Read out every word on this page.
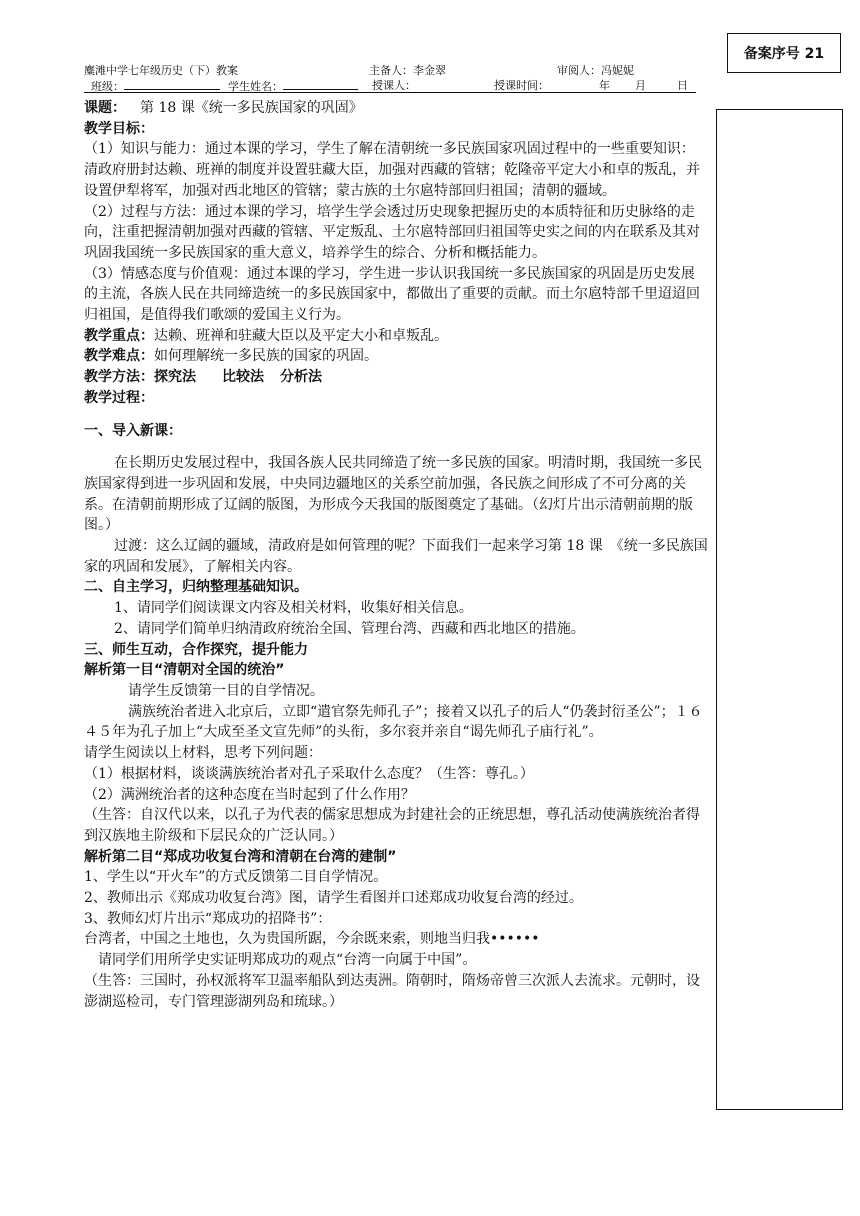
麋滩中学七年级历史（下）教案	主备人：李金翠	审阅人：冯妮妮
班级：	学生姓名：	授课人：	授课时间：	年 月	日
备案序号 21

课题： 第 18 课《统一多民族国家的巩固》

教学目标：

（1）知识与能力：通过本课的学习，学生了解在清朝统一多民族国家巩固过程中的一些重要知识：清政府册封达赖、班禅的制度并设置驻藏大臣，加强对西藏的管辖；乾隆帝平定大小和卓的叛乱，并设置伊犁将军，加强对西北地区的管辖；蒙古族的土尔扈特部回归祖国；清朝的疆域。

（2）过程与方法：通过本课的学习，培学生学会透过历史现象把握历史的本质特征和历史脉络的走向，注重把握清朝加强对西藏的管辖、平定叛乱、土尔扈特部回归祖国等史实之间的内在联系及其对巩固我国统一多民族国家的重大意义，培养学生的综合、分析和概括能力。

（3）情感态度与价值观：通过本课的学习，学生进一步认识我国统一多民族国家的巩固是历史发展的主流，各族人民在共同缔造统一的多民族国家中，都做出了重要的贡献。而土尔扈特部千里迢迢回归祖国，是值得我们歌颂的爱国主义行为。

教学重点：达赖、班禅和驻藏大臣以及平定大小和卓叛乱。

教学难点：如何理解统一多民族的国家的巩固。

教学方法：探究法 比较法 分析法

教学过程：

一、导入新课：

在长期历史发展过程中，我国各族人民共同缔造了统一多民族的国家。明清时期，我国统一多民族国家得到进一步巩固和发展，中央同边疆地区的关系空前加强，各民族之间形成了不可分离的关系。在清朝前期形成了辽阔的版图，为形成今天我国的版图奠定了基础。（幻灯片出示清朝前期的版图。）

过渡：这么辽阔的疆域，清政府是如何管理的呢？下面我们一起来学习第 18 课　《统一多民族国家的巩固和发展》，了解相关内容。

二、自主学习，归纳整理基础知识。

1、请同学们阅读课文内容及相关材料，收集好相关信息。

2、请同学们简单归纳清政府统治全国、管理台湾、西藏和西北地区的措施。

三、师生互动，合作探究，提升能力

解析第一目“清朝对全国的统治”

请学生反馈第一目的自学情况。

满族统治者进入北京后，立即“遣官祭先师孔子”；接着又以孔子的后人“仍袭封衍圣公”；１６４５年为孔子加上“大成至圣文宣先师”的头衔，多尔衮并亲自“谒先师孔子庙行礼”。

请学生阅读以上材料，思考下列问题：

（1）根据材料，谈谈满族统治者对孔子采取什么态度？（生答：尊孔。）

（2）满洲统治者的这种态度在当时起到了什么作用？

（生答：自汉代以来，以孔子为代表的儒家思想成为封建社会的正统思想，尊孔活动使满族统治者得到汉族地主阶级和下层民众的广泛认同。）

解析第二目“郑成功收复台湾和清朝在台湾的建制”

1、学生以“开火车”的方式反馈第二目自学情况。

2、教师出示《郑成功收复台湾》图，请学生看图并口述郑成功收复台湾的经过。

3、教师幻灯片出示“郑成功的招降书”：

台湾者，中国之土地也，久为贵国所踞，今余既来索，则地当归我••••••

请同学们用所学史实证明郑成功的观点“台湾一向属于中国”。

（生答：三国时，孙权派将军卫温率船队到达夷洲。隋朝时，隋炀帝曾三次派人去流求。元朝时，设澎湖巡检司，专门管理澎湖列岛和琉球。）
